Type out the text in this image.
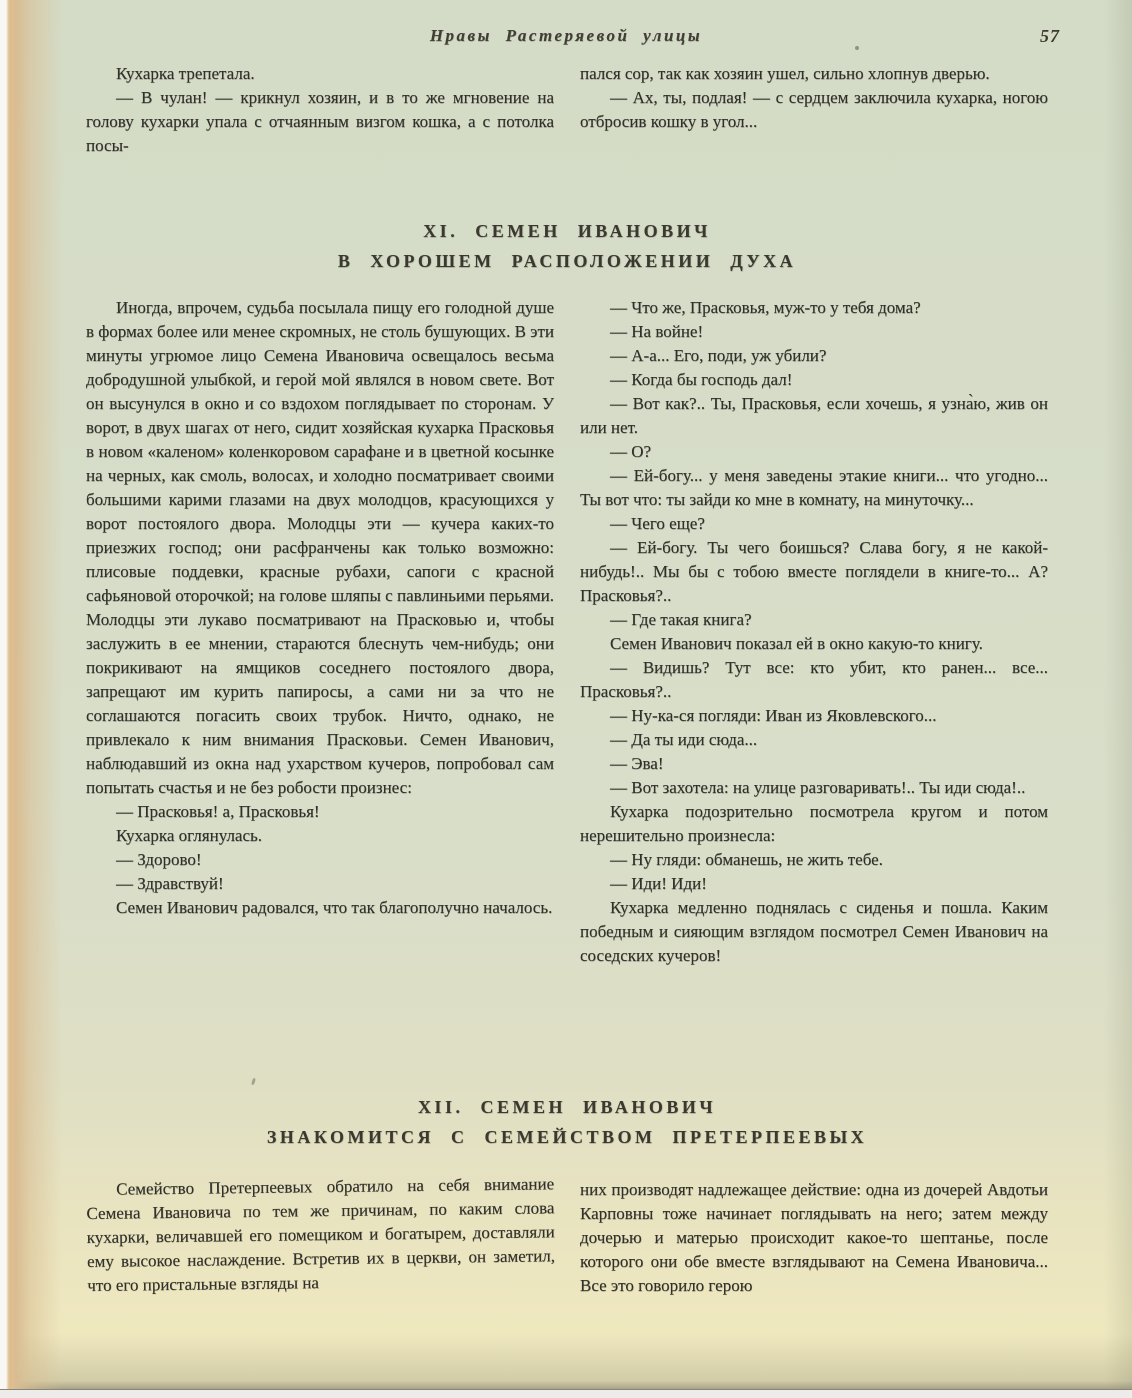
Нравы Растеряевой улицы	57

Кухарка трепетала.

— В чулан! — крикнул хозяин, и в то же мгновение на голову кухарки упала с отчаянным визгом кошка, а с потолка посы-

пался сор, так как хозяин ушел, сильно хлопнув дверью.

— Ах, ты, подлая! — с сердцем заключила кухарка, ногою отбросив кошку в угол...

XI. СЕМЕН ИВАНОВИЧ
В ХОРОШЕМ РАСПОЛОЖЕНИИ ДУХА

Иногда, впрочем, судьба посылала пищу его голодной душе в формах более или менее скромных, не столь бушующих. В эти минуты угрюмое лицо Семена Ивановича освещалось весьма добродушной улыбкой, и герой мой являлся в новом свете. Вот он высунулся в окно и со вздохом поглядывает по сторонам. У ворот, в двух шагах от него, сидит хозяйская кухарка Прасковья в новом «каленом» коленкоровом сарафане и в цветной косынке на черных, как смоль, волосах, и холодно посматривает своими большими карими глазами на двух молодцов, красующихся у ворот постоялого двора. Молодцы эти — кучера каких-то приезжих господ; они расфранчены как только возможно: плисовые поддевки, красные рубахи, сапоги с красной сафьяновой оторочкой; на голове шляпы с павлиньими перьями. Молодцы эти лукаво посматривают на Прасковью и, чтобы заслужить в ее мнении, стараются блеснуть чем-нибудь; они покрикивают на ямщиков соседнего постоялого двора, запрещают им курить папиросы, а сами ни за что не соглашаются погасить своих трубок. Ничто, однако, не привлекало к ним внимания Прасковьи. Семен Иванович, наблюдавший из окна над ухарством кучеров, попробовал сам попытать счастья и не без робости произнес:

— Прасковья! а, Прасковья!

Кухарка оглянулась.

— Здорово!

— Здравствуй!

Семен Иванович радовался, что так благополучно началось.

— Что же, Прасковья, муж-то у тебя дома?

— На войне!

— А-а... Его, поди, уж убили?

— Когда бы господь дал!

— Вот как?.. Ты, Прасковья, если хочешь, я узна̀ю, жив он или нет.

— О?

— Ей-богу... у меня заведены этакие книги... что угодно... Ты вот что: ты зайди ко мне в комнату, на минуточку...

— Чего еще?

— Ей-богу. Ты чего боишься? Слава богу, я не какой-нибудь!.. Мы бы с тобою вместе поглядели в книге-то... А? Прасковья?..

— Где такая книга?

Семен Иванович показал ей в окно какую-то книгу.

— Видишь? Тут все: кто убит, кто ранен... все... Прасковья?..

— Ну-ка-ся погляди: Иван из Яковлевского...

— Да ты иди сюда...

— Эва!

— Вот захотела: на улице разговаривать!.. Ты иди сюда!..

Кухарка подозрительно посмотрела кругом и потом нерешительно произнесла:

— Ну гляди: обманешь, не жить тебе.

— Иди! Иди!

Кухарка медленно поднялась с сиденья и пошла. Каким победным и сияющим взглядом посмотрел Семен Иванович на соседских кучеров!

XII. СЕМЕН ИВАНОВИЧ
ЗНАКОМИТСЯ С СЕМЕЙСТВОМ ПРЕТЕРПЕЕВЫХ

Семейство Претерпеевых обратило на себя внимание Семена Ивановича по тем же причинам, по каким слова кухарки, величавшей его помещиком и богатырем, доставляли ему высокое наслаждение. Встретив их в церкви, он заметил, что его пристальные взгляды на

них производят надлежащее действие: одна из дочерей Авдотьи Карповны тоже начинает поглядывать на него; затем между дочерью и матерью происходит какое-то шептанье, после которого они обе вместе взглядывают на Семена Ивановича... Все это говорило герою
